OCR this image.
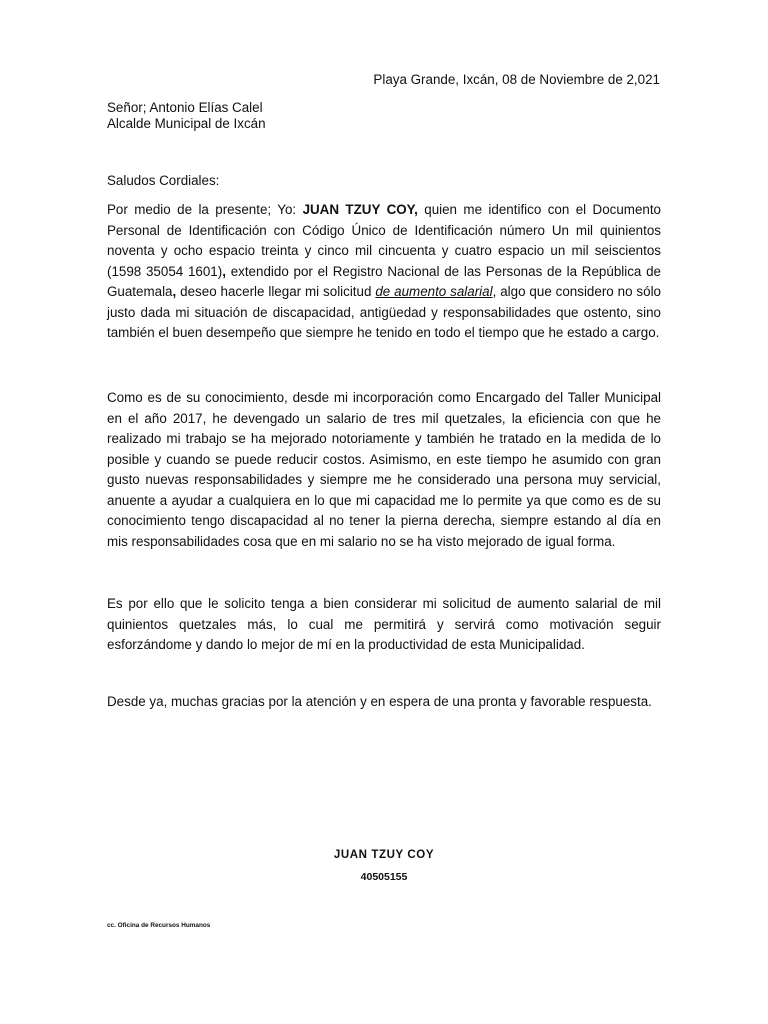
Playa Grande, Ixcán, 08 de Noviembre de 2,021
Señor; Antonio Elías Calel
Alcalde Municipal de Ixcán
Saludos Cordiales:

Por medio de la presente; Yo: JUAN TZUY COY, quien me identifico con el Documento Personal de Identificación con Código Único de Identificación número Un mil quinientos noventa y ocho espacio treinta y cinco mil cincuenta y cuatro espacio un mil seiscientos (1598 35054 1601), extendido por el Registro Nacional de las Personas de la República de Guatemala, deseo hacerle llegar mi solicitud de aumento salarial, algo que considero no sólo justo dada mi situación de discapacidad, antigüedad y responsabilidades que ostento, sino también el buen desempeño que siempre he tenido en todo el tiempo que he estado a cargo.

Como es de su conocimiento, desde mi incorporación como Encargado del Taller Municipal en el año 2017, he devengado un salario de tres mil quetzales, la eficiencia con que he realizado mi trabajo se ha mejorado notoriamente y también he tratado en la medida de lo posible y cuando se puede reducir costos. Asimismo, en este tiempo he asumido con gran gusto nuevas responsabilidades y siempre me he considerado una persona muy servicial, anuente a ayudar a cualquiera en lo que mi capacidad me lo permite ya que como es de su conocimiento tengo discapacidad al no tener la pierna derecha, siempre estando al día en mis responsabilidades cosa que en mi salario no se ha visto mejorado de igual forma.

Es por ello que le solicito tenga a bien considerar mi solicitud de aumento salarial de mil quinientos quetzales más, lo cual me permitirá y servirá como motivación seguir esforzándome y dando lo mejor de mí en la productividad de esta Municipalidad.

Desde ya, muchas gracias por la atención y en espera de una pronta y favorable respuesta.

JUAN TZUY COY
40505155
cc. Oficina de Recursos Humanos
